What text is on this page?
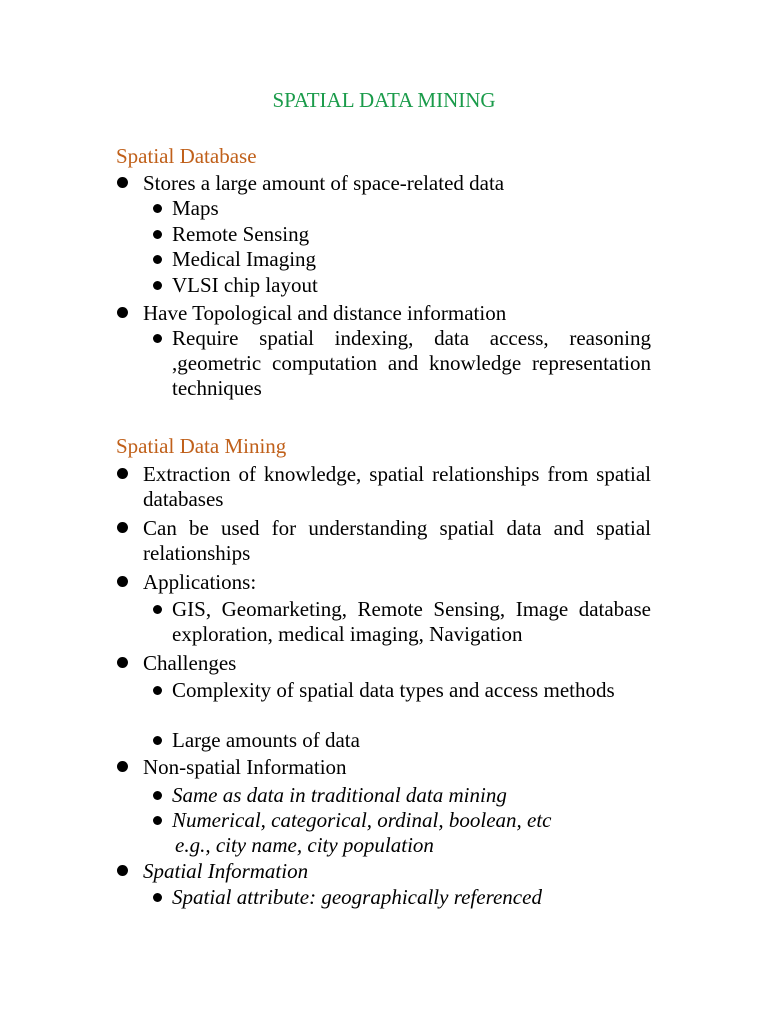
SPATIAL DATA MINING
Spatial Database
Stores a large amount of space-related data
Maps
Remote Sensing
Medical Imaging
VLSI chip layout
Have Topological and distance information
Require spatial indexing, data access, reasoning ,geometric computation and knowledge representation techniques
Spatial Data Mining
Extraction of knowledge, spatial relationships from spatial databases
Can be used for understanding spatial data and spatial relationships
Applications:
GIS, Geomarketing, Remote Sensing, Image database exploration, medical imaging, Navigation
Challenges
Complexity of spatial data types and access methods
Large amounts of data
Non-spatial Information
Same as data in traditional data mining
Numerical, categorical, ordinal, boolean, etc
e.g., city name, city population
Spatial Information
Spatial attribute: geographically referenced
